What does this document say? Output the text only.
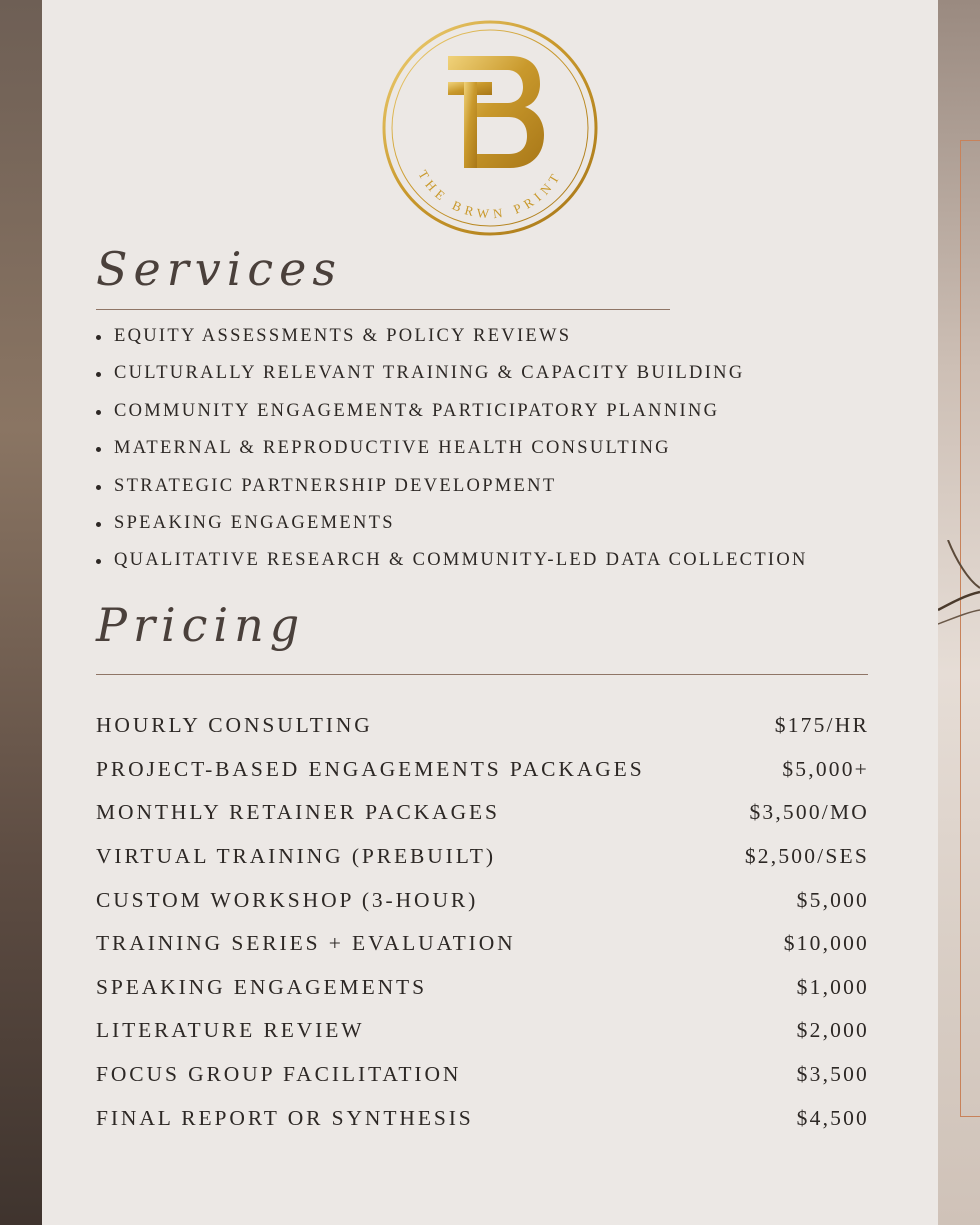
THE BRWN PRINT
Services
EQUITY ASSESSMENTS & POLICY REVIEWS
CULTURALLY RELEVANT TRAINING & CAPACITY BUILDING
COMMUNITY ENGAGEMENT& PARTICIPATORY PLANNING
MATERNAL & REPRODUCTIVE HEALTH CONSULTING
STRATEGIC PARTNERSHIP DEVELOPMENT
SPEAKING ENGAGEMENTS
QUALITATIVE RESEARCH & COMMUNITY-LED DATA COLLECTION
Pricing
HOURLY CONSULTING	$175/HR
PROJECT-BASED ENGAGEMENTS PACKAGES	$5,000+
MONTHLY RETAINER PACKAGES	$3,500/MO
VIRTUAL TRAINING (PREBUILT)	$2,500/SES
CUSTOM WORKSHOP (3-HOUR)	$5,000
TRAINING SERIES + EVALUATION	$10,000
SPEAKING ENGAGEMENTS	$1,000
LITERATURE REVIEW	$2,000
FOCUS GROUP FACILITATION	$3,500
FINAL REPORT OR SYNTHESIS	$4,500
